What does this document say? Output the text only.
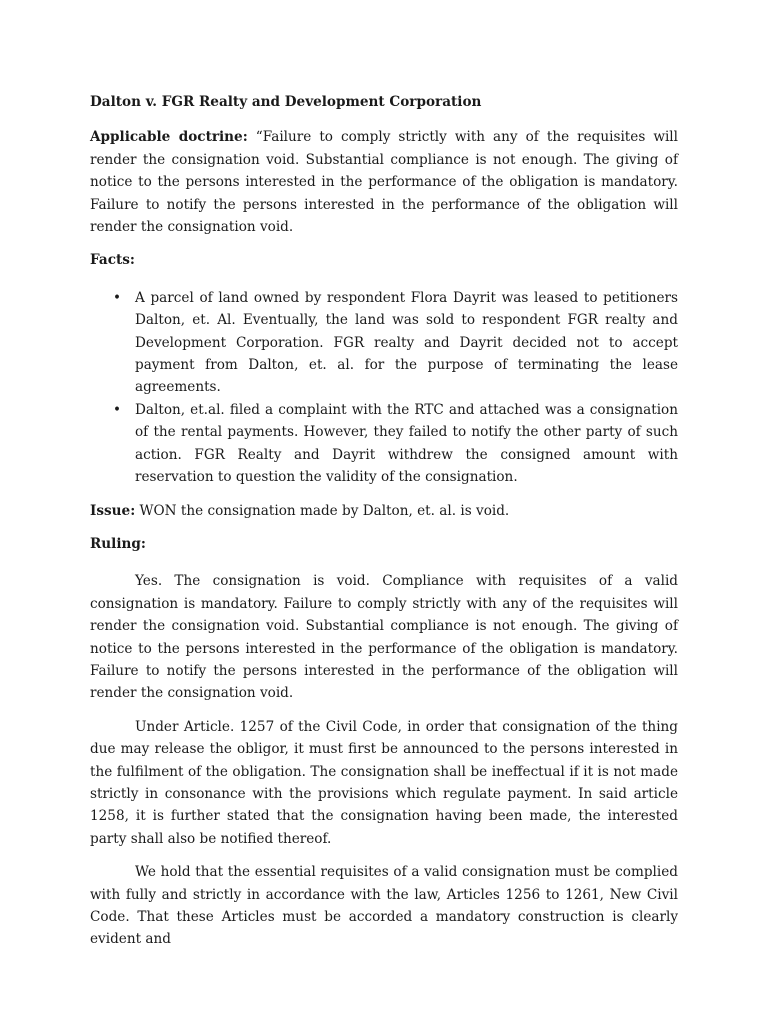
Dalton v. FGR Realty and Development Corporation

Applicable doctrine: “Failure to comply strictly with any of the requisites will render the consignation void. Substantial compliance is not enough. The giving of notice to the persons interested in the performance of the obligation is mandatory. Failure to notify the persons interested in the performance of the obligation will render the consignation void.

Facts:

• A parcel of land owned by respondent Flora Dayrit was leased to petitioners Dalton, et. Al. Eventually, the land was sold to respondent FGR realty and Development Corporation. FGR realty and Dayrit decided not to accept payment from Dalton, et. al. for the purpose of terminating the lease agreements.
• Dalton, et.al. filed a complaint with the RTC and attached was a consignation of the rental payments. However, they failed to notify the other party of such action. FGR Realty and Dayrit withdrew the consigned amount with reservation to question the validity of the consignation.

Issue: WON the consignation made by Dalton, et. al. is void.

Ruling:

Yes. The consignation is void. Compliance with requisites of a valid consignation is mandatory. Failure to comply strictly with any of the requisites will render the consignation void. Substantial compliance is not enough. The giving of notice to the persons interested in the performance of the obligation is mandatory. Failure to notify the persons interested in the performance of the obligation will render the consignation void.

Under Article. 1257 of the Civil Code, in order that consignation of the thing due may release the obligor, it must first be announced to the persons interested in the fulfilment of the obligation. The consignation shall be ineffectual if it is not made strictly in consonance with the provisions which regulate payment. In said article 1258, it is further stated that the consignation having been made, the interested party shall also be notified thereof.

We hold that the essential requisites of a valid consignation must be complied with fully and strictly in accordance with the law, Articles 1256 to 1261, New Civil Code. That these Articles must be accorded a mandatory construction is clearly evident and
